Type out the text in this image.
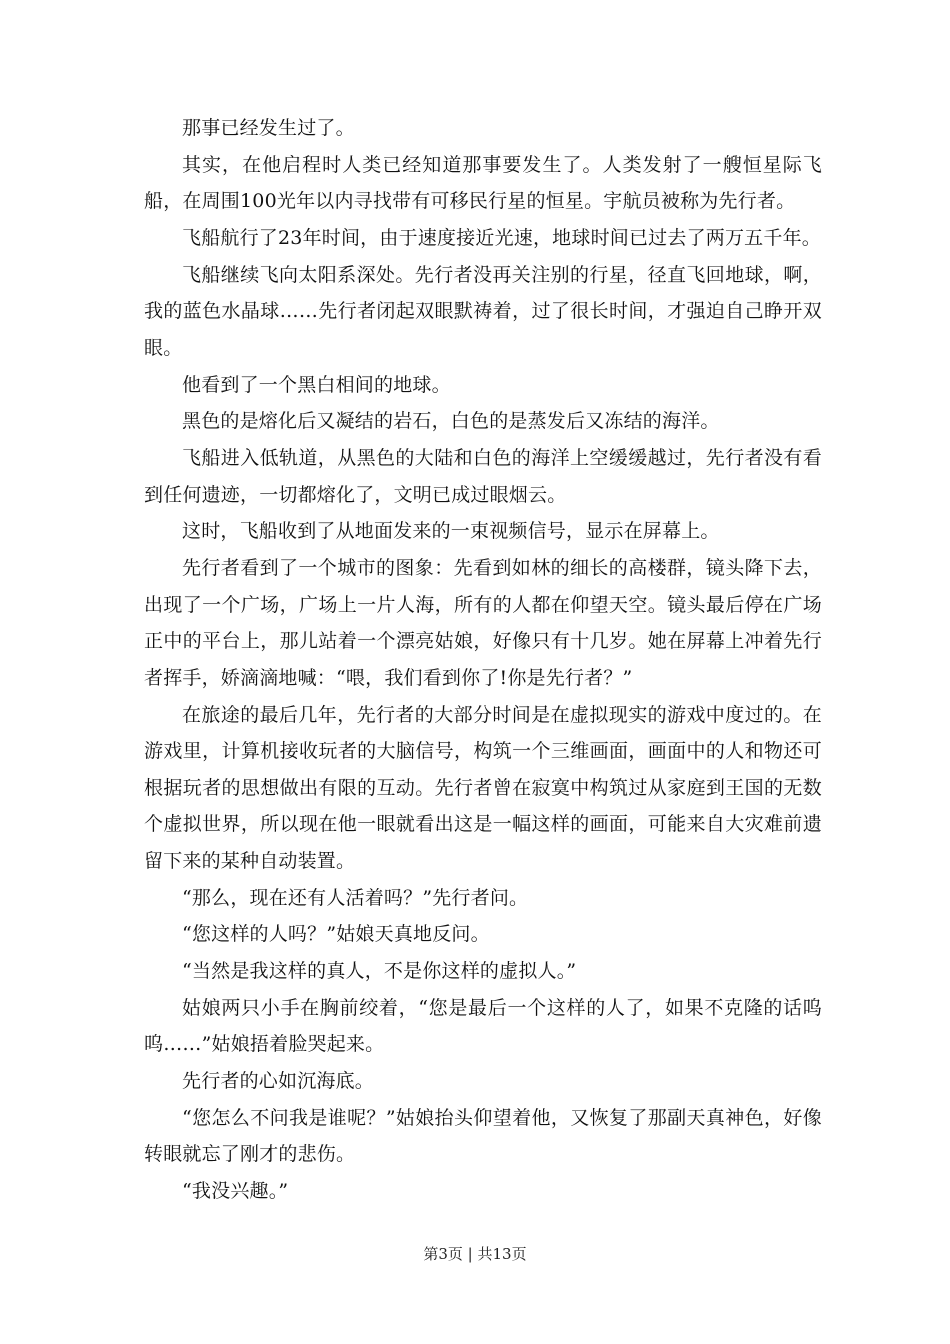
那事已经发生过了。

其实，在他启程时人类已经知道那事要发生了。人类发射了一艘恒星际飞船，在周围100光年以内寻找带有可移民行星的恒星。宇航员被称为先行者。

飞船航行了23年时间，由于速度接近光速，地球时间已过去了两万五千年。

飞船继续飞向太阳系深处。先行者没再关注别的行星，径直飞回地球，啊，我的蓝色水晶球……先行者闭起双眼默祷着，过了很长时间，才强迫自己睁开双眼。

他看到了一个黑白相间的地球。

黑色的是熔化后又凝结的岩石，白色的是蒸发后又冻结的海洋。

飞船进入低轨道，从黑色的大陆和白色的海洋上空缓缓越过，先行者没有看到任何遗迹，一切都熔化了，文明已成过眼烟云。

这时，飞船收到了从地面发来的一束视频信号，显示在屏幕上。

先行者看到了一个城市的图象：先看到如林的细长的高楼群，镜头降下去，出现了一个广场，广场上一片人海，所有的人都在仰望天空。镜头最后停在广场正中的平台上，那儿站着一个漂亮姑娘，好像只有十几岁。她在屏幕上冲着先行者挥手，娇滴滴地喊：“喂，我们看到你了!你是先行者？”

在旅途的最后几年，先行者的大部分时间是在虚拟现实的游戏中度过的。在游戏里，计算机接收玩者的大脑信号，构筑一个三维画面，画面中的人和物还可根据玩者的思想做出有限的互动。先行者曾在寂寞中构筑过从家庭到王国的无数个虚拟世界，所以现在他一眼就看出这是一幅这样的画面，可能来自大灾难前遗留下来的某种自动装置。

“那么，现在还有人活着吗？”先行者问。

“您这样的人吗？”姑娘天真地反问。

“当然是我这样的真人，不是你这样的虚拟人。”

姑娘两只小手在胸前绞着，“您是最后一个这样的人了，如果不克隆的话呜呜……”姑娘捂着脸哭起来。

先行者的心如沉海底。

“您怎么不问我是谁呢？”姑娘抬头仰望着他，又恢复了那副天真神色，好像转眼就忘了刚才的悲伤。

“我没兴趣。”

第3页 | 共13页
